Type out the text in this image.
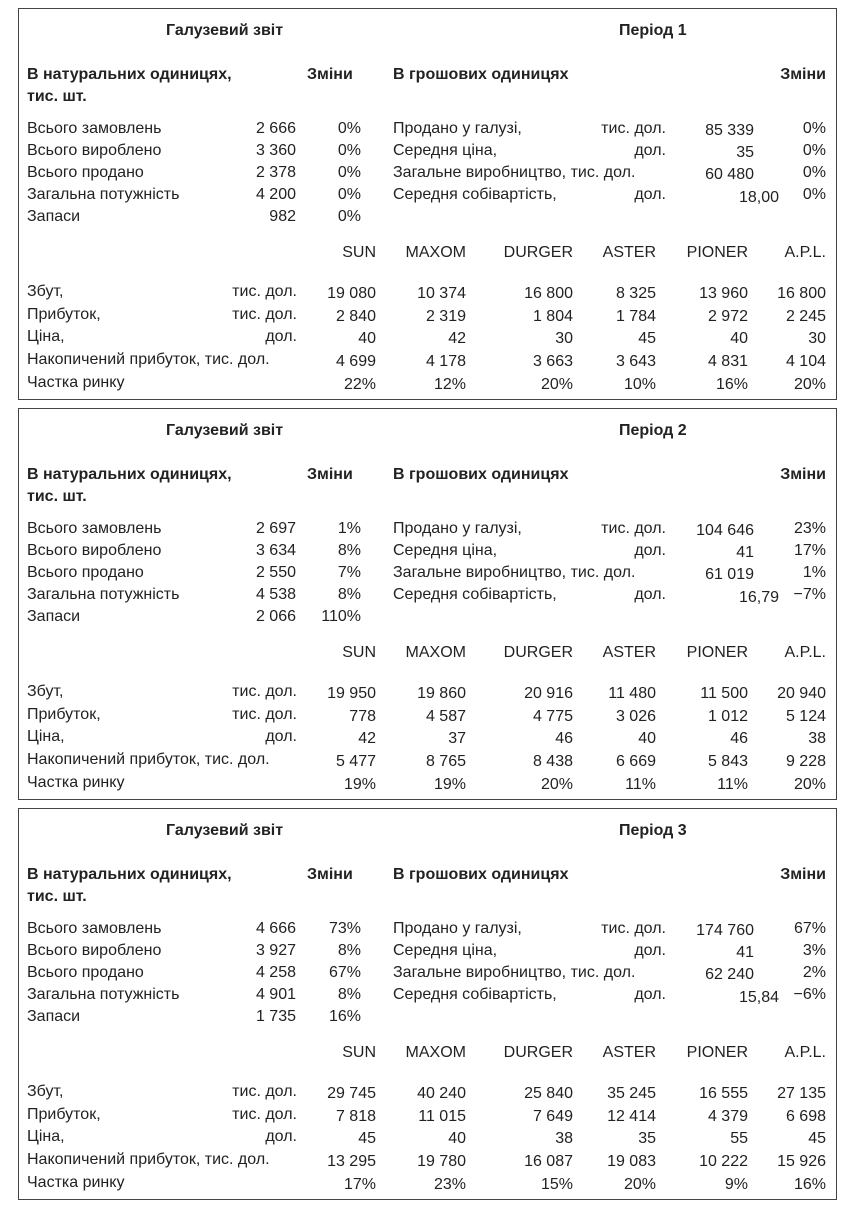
Галузевий звіт	Період 1
В натуральних одиницях,
тис. шт.
Зміни	В грошових одиницях	Зміни
Всього замовлень	2 666	0%
Всього вироблено	3 360	0%
Всього продано	2 378	0%
Загальна потужність	4 200	0%
Запаси	982	0%
Продано у галузі,	тис. дол.	85 339	0%
Середня ціна,	дол.	35	0%
Загальне виробництво, тис. дол.	60 480	0%
Середня собівартість,	дол.	18,00	0%
SUN	MAXOM	DURGER	ASTER	PIONER	A.P.L.
Збут,	тис. дол.	19 080	10 374	16 800	8 325	13 960	16 800
Прибуток,	тис. дол.	2 840	2 319	1 804	1 784	2 972	2 245
Ціна,	дол.	40	42	30	45	40	30
Накопичений прибуток, тис. дол.	4 699	4 178	3 663	3 643	4 831	4 104
Частка ринку	22%	12%	20%	10%	16%	20%
Галузевий звіт	Період 2
В натуральних одиницях,
тис. шт.
Зміни	В грошових одиницях	Зміни
Всього замовлень	2 697	1%
Всього вироблено	3 634	8%
Всього продано	2 550	7%
Загальна потужність	4 538	8%
Запаси	2 066	110%
Продано у галузі,	тис. дол.	104 646	23%
Середня ціна,	дол.	41	17%
Загальне виробництво, тис. дол.	61 019	1%
Середня собівартість,	дол.	16,79 −7%
SUN	MAXOM	DURGER	ASTER	PIONER	A.P.L.
Збут,	тис. дол.	19 950	19 860	20 916	11 480	11 500	20 940
Прибуток,	тис. дол.	778	4 587	4 775	3 026	1 012	5 124
Ціна,	дол.	42	37	46	40	46	38
Накопичений прибуток, тис. дол.	5 477	8 765	8 438	6 669	5 843	9 228
Частка ринку	19%	19%	20%	11%	11%	20%
Галузевий звіт	Період 3
В натуральних одиницях,
тис. шт.
Зміни	В грошових одиницях	Зміни
Всього замовлень	4 666	73%
Всього вироблено	3 927	8%
Всього продано	4 258	67%
Загальна потужність	4 901	8%
Запаси	1 735	16%
Продано у галузі,	тис. дол.	174 760	67%
Середня ціна,	дол.	41	3%
Загальне виробництво, тис. дол.	62 240	2%
Середня собівартість,	дол.	15,84 −6%
SUN	MAXOM	DURGER	ASTER	PIONER	A.P.L.
Збут,	тис. дол.	29 745	40 240	25 840	35 245	16 555	27 135
Прибуток,	тис. дол.	7 818	11 015	7 649	12 414	4 379	6 698
Ціна,	дол.	45	40	38	35	55	45
Накопичений прибуток, тис. дол.	13 295	19 780	16 087	19 083	10 222	15 926
Частка ринку	17%	23%	15%	20%	9%	16%
